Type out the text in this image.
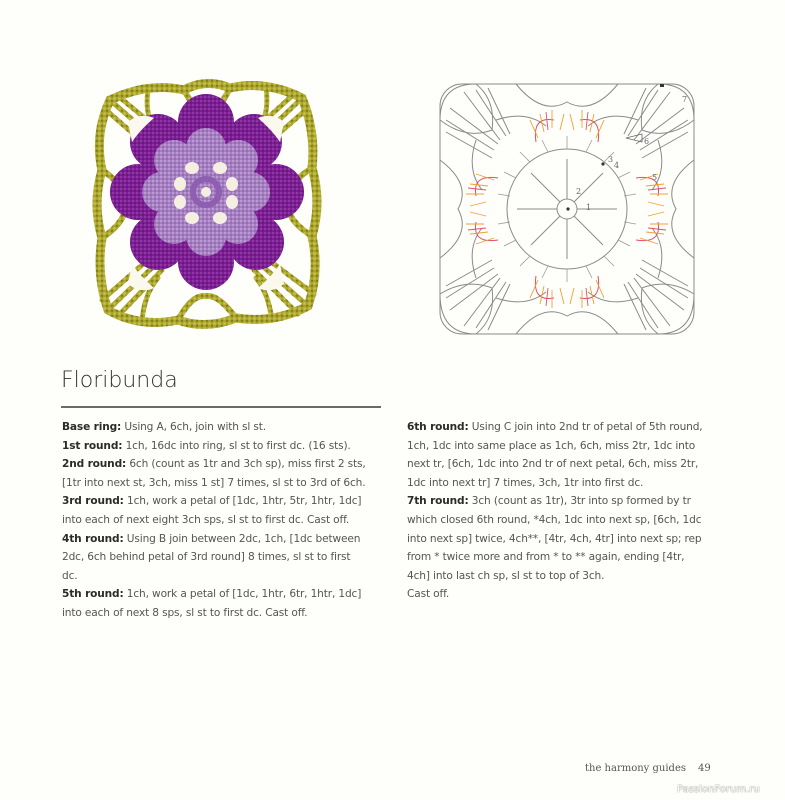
1
2
3
4
5
6
7
Floribunda

Base ring: Using A, 6ch, join with sl st.

1st round: 1ch, 16dc into ring, sl st to first dc. (16 sts).

2nd round: 6ch (count as 1tr and 3ch sp), miss first 2 sts,
[1tr into next st, 3ch, miss 1 st] 7 times, sl st to 3rd of 6ch.

3rd round: 1ch, work a petal of [1dc, 1htr, 5tr, 1htr, 1dc]
into each of next eight 3ch sps, sl st to first dc. Cast off.

4th round: Using B join between 2dc, 1ch, [1dc between
2dc, 6ch behind petal of 3rd round] 8 times, sl st to first
dc.

5th round: 1ch, work a petal of [1dc, 1htr, 6tr, 1htr, 1dc]
into each of next 8 sps, sl st to first dc. Cast off.

6th round: Using C join into 2nd tr of petal of 5th round,
1ch, 1dc into same place as 1ch, 6ch, miss 2tr, 1dc into
next tr, [6ch, 1dc into 2nd tr of next petal, 6ch, miss 2tr,
1dc into next tr] 7 times, 3ch, 1tr into first dc.

7th round: 3ch (count as 1tr), 3tr into sp formed by tr
which closed 6th round, *4ch, 1dc into next sp, [6ch, 1dc
into next sp] twice, 4ch**, [4tr, 4ch, 4tr] into next sp; rep
from * twice more and from * to ** again, ending [4tr,
4ch] into last ch sp, sl st to top of 3ch.
Cast off.

the harmony guides 49
PassionForum.ru
